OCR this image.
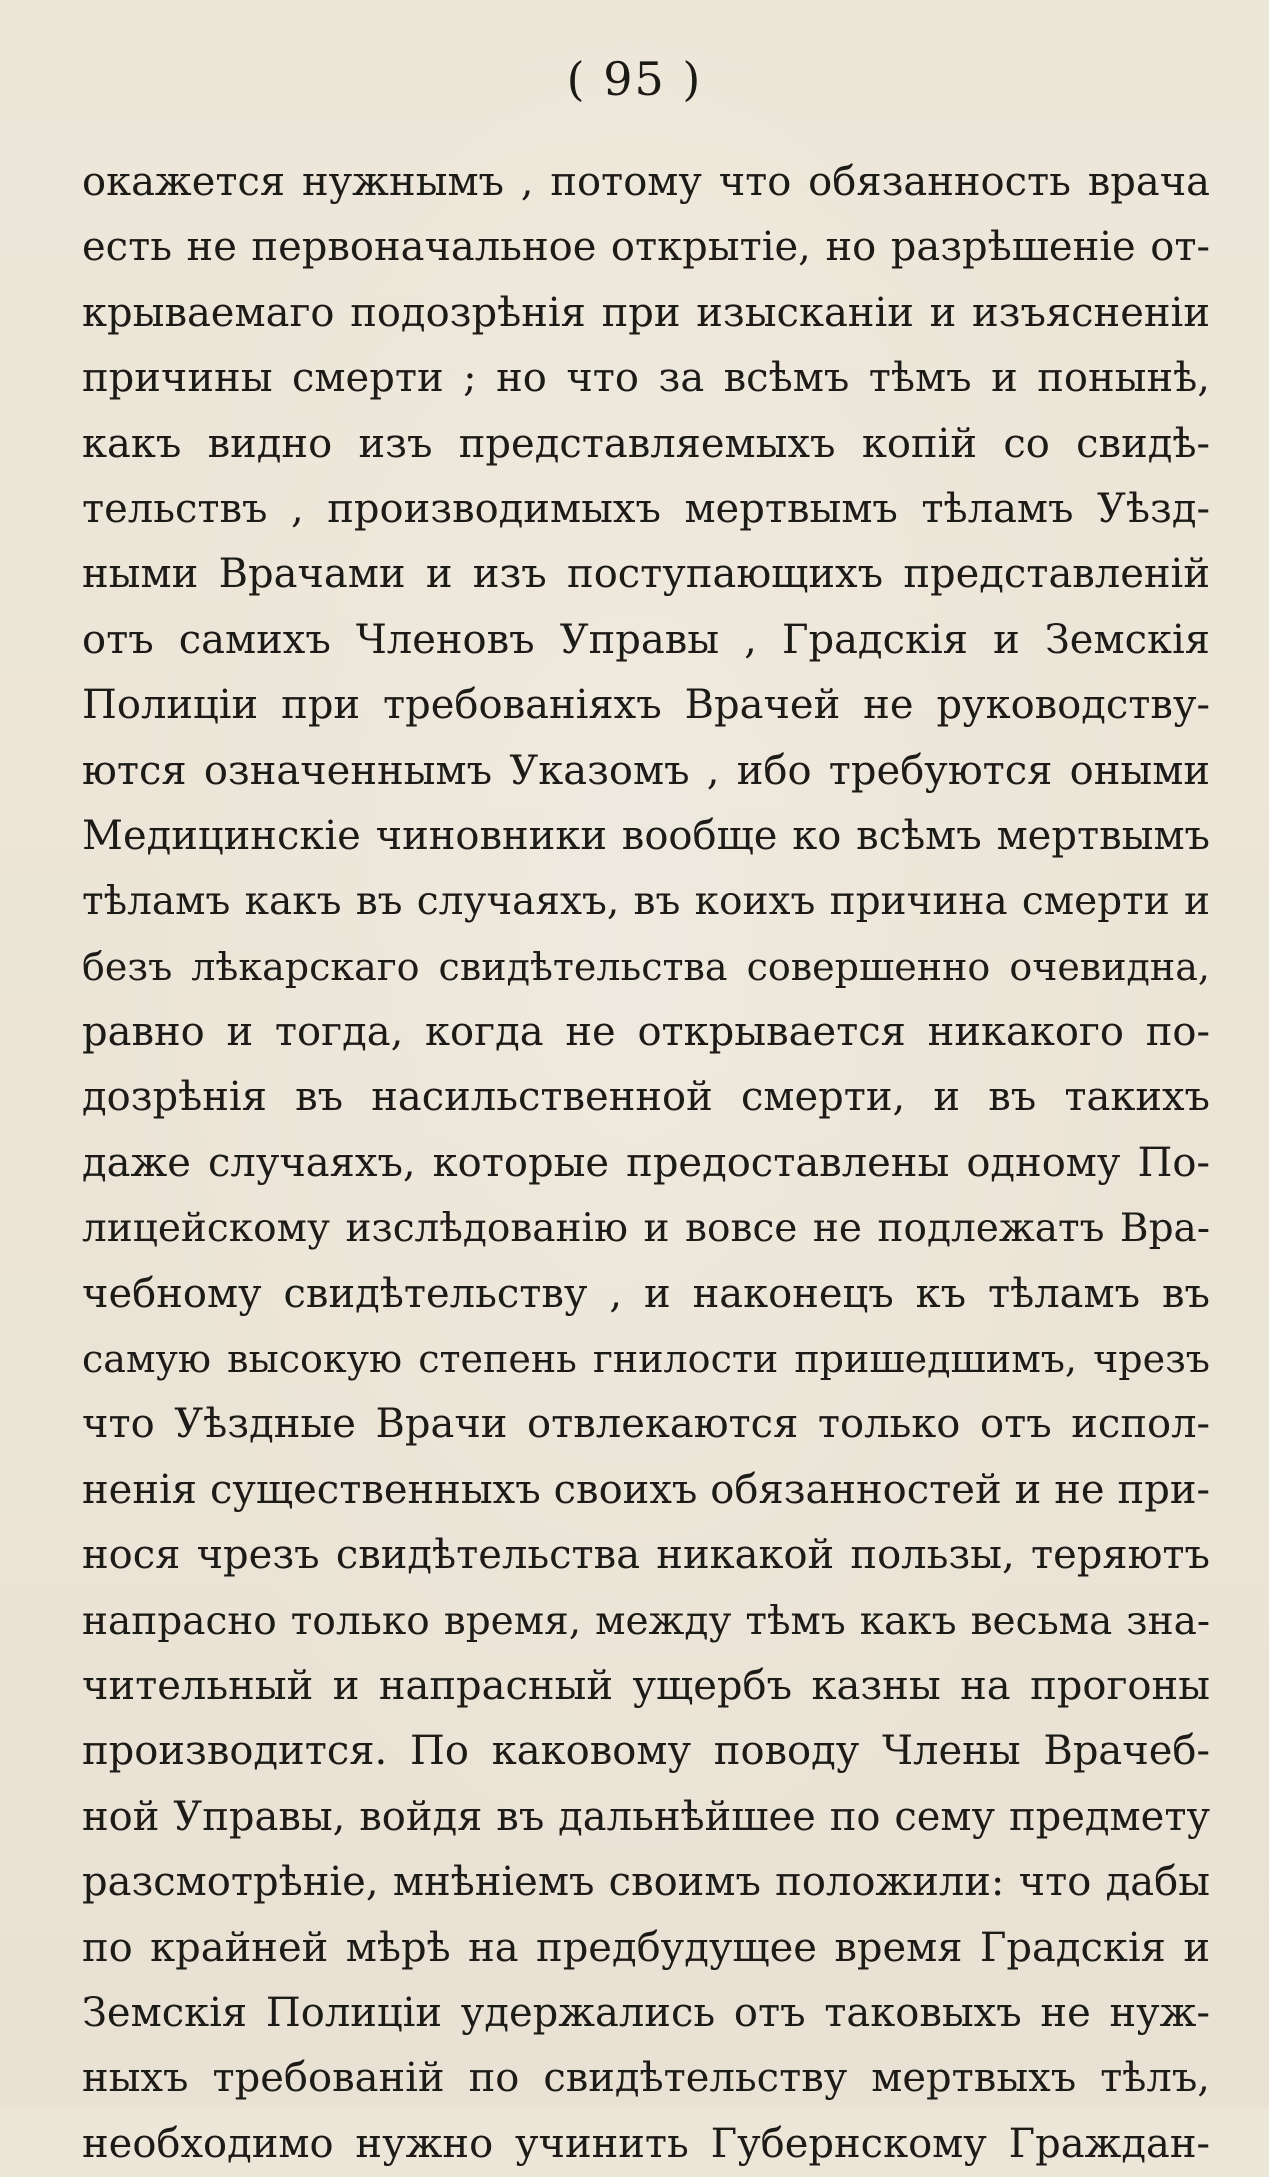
( 95 )
окажется нужнымъ , потому что обязанность врача
есть не первоначальное открытіе, но разрѣшеніе от-
крываемаго подозрѣнія при изысканіи и изъясненіи
причины смерти ; но что за всѣмъ тѣмъ и понынѣ,
какъ видно изъ представляемыхъ копій со свидѣ-
тельствъ , производимыхъ мертвымъ тѣламъ Уѣзд-
ными Врачами и изъ поступающихъ представленій
отъ самихъ Членовъ Управы , Градскія и Земскія
Полиціи при требованіяхъ Врачей не руководству-
ются означеннымъ Указомъ , ибо требуются оными
Медицинскіе чиновники вообще ко всѣмъ мертвымъ
тѣламъ какъ въ случаяхъ, въ коихъ причина смерти и
безъ лѣкарскаго свидѣтельства совершенно очевидна,
равно и тогда, когда не открывается никакого по-
дозрѣнія въ насильственной смерти, и въ такихъ
даже случаяхъ, которые предоставлены одному По-
лицейскому изслѣдованію и вовсе не подлежатъ Вра-
чебному свидѣтельству , и наконецъ къ тѣламъ въ
самую высокую степень гнилости пришедшимъ, чрезъ
что Уѣздные Врачи отвлекаются только отъ испол-
ненія существенныхъ своихъ обязанностей и не при-
нося чрезъ свидѣтельства никакой пользы, теряютъ
напрасно только время, между тѣмъ какъ весьма зна-
чительный и напрасный ущербъ казны на прогоны
производится. По каковому поводу Члены Врачеб-
ной Управы, войдя въ дальнѣйшее по сему предмету
разсмотрѣніе, мнѣніемъ своимъ положили: что дабы
по крайней мѣрѣ на предбудущее время Градскія и
Земскія Полиціи удержались отъ таковыхъ не нуж-
ныхъ требованій по свидѣтельству мертвыхъ тѣлъ,
необходимо нужно учинить Губернскому Граждан-
